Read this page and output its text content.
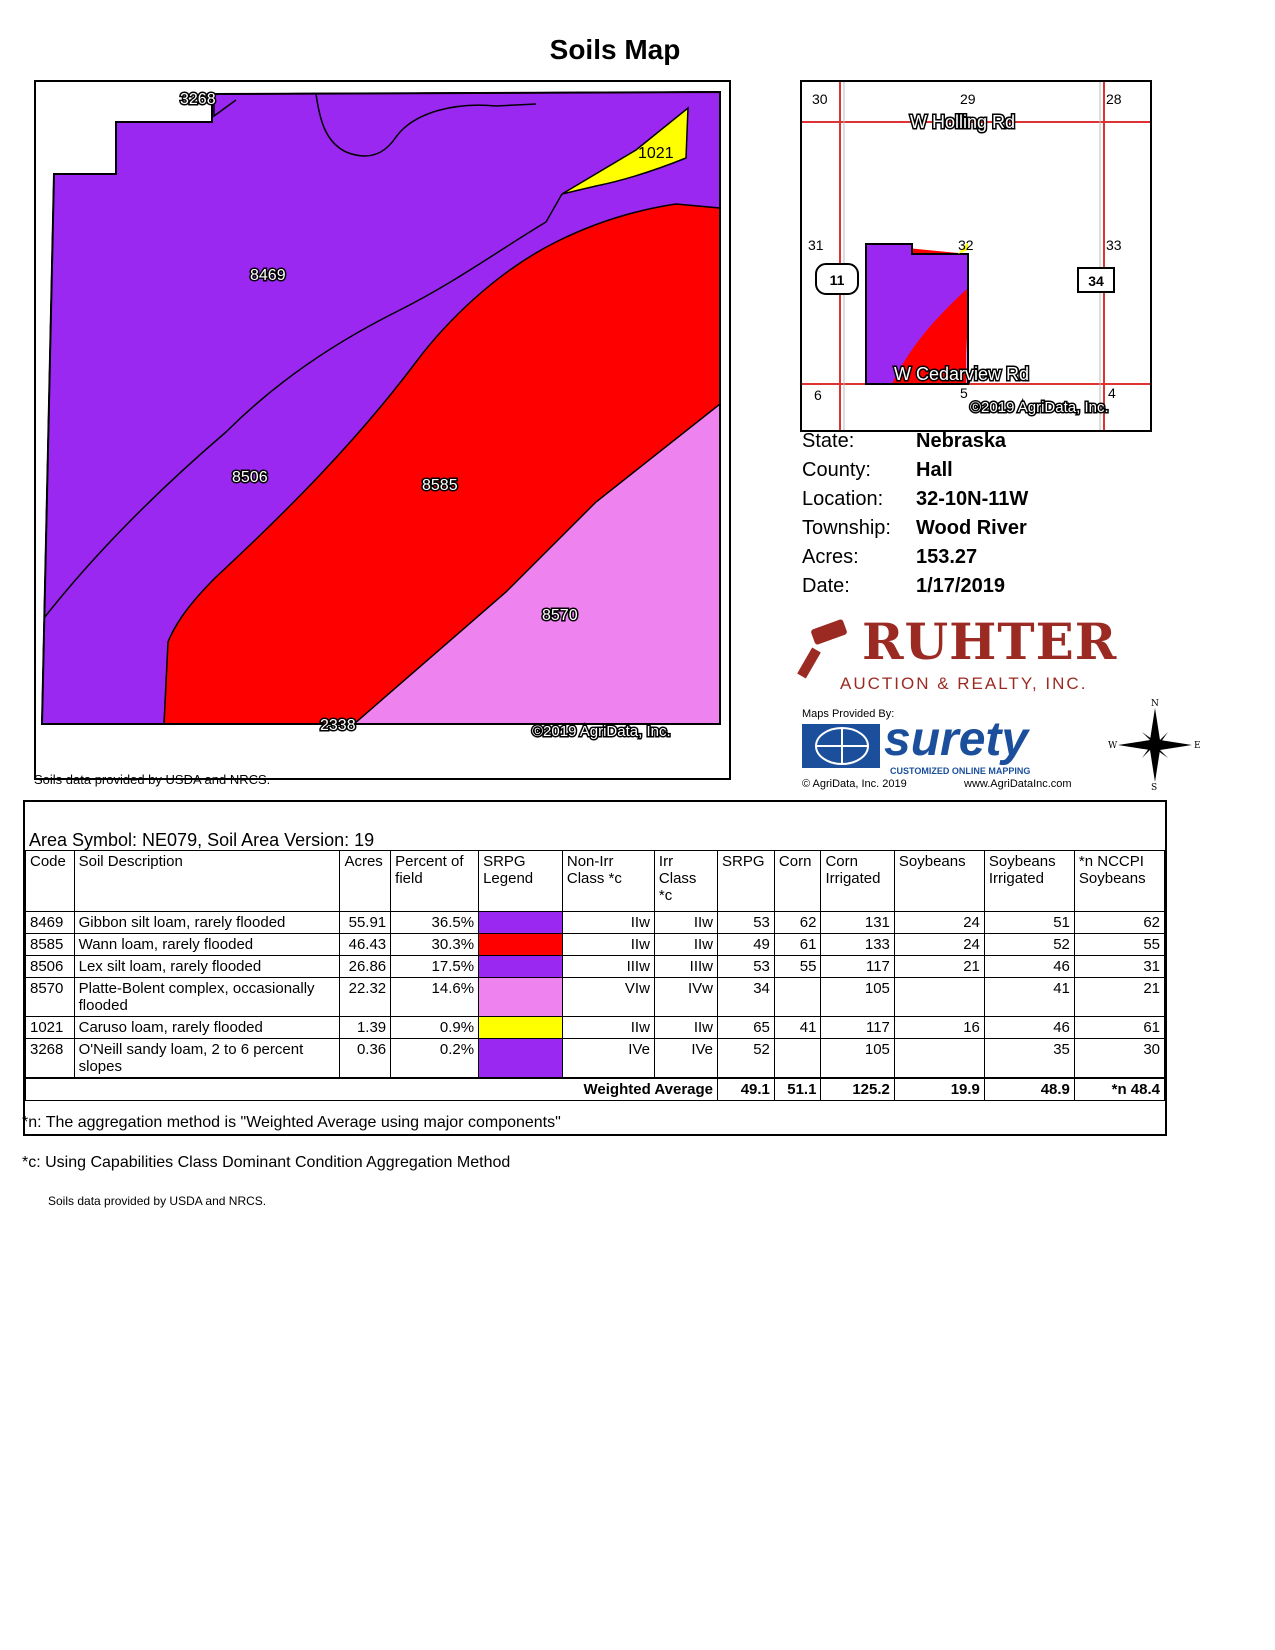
Soils Map
3268
1021
8469
8506	8585
8570
2338	©2019 AgriData, Inc.
Soils data provided by USDA and NRCS.
11	34
30	29	28
31	32	33
6	5	4
W Holling Rd
W Cedarview Rd
©2019 AgriData, Inc.
State:	Nebraska
County: Hall
Location: 32-10N-11W
Township: Wood River
Acres:	153.27
Date:	1/17/2019
RUHTER
AUCTION & REALTY, INC.
Maps Provided By:
surety
CUSTOMIZED ONLINE MAPPING
© AgriData, Inc. 2019	www.AgriDataInc.com
N
S
E
W
Area Symbol: NE079, Soil Area Version: 19
Code	Soil Description	Acres	Percent of field	SRPG Legend	Non-Irr Class *c	Irr Class *c	SRPG	Corn	Corn Irrigated	Soybeans	Soybeans Irrigated	*n NCCPI Soybeans
8469	Gibbon silt loam, rarely flooded	55.91	36.5%		IIw	IIw	53	62	131	24	51	62
8585	Wann loam, rarely flooded	46.43	30.3%		IIw	IIw	49	61	133	24	52	55
8506	Lex silt loam, rarely flooded	26.86	17.5%		IIIw	IIIw	53	55	117	21	46	31
8570	Platte-Bolent complex, occasionally flooded	22.32	14.6%		VIw	IVw	34		105		41	21
1021	Caruso loam, rarely flooded	1.39	0.9%		IIw	IIw	65	41	117	16	46	61
3268	O'Neill sandy loam, 2 to 6 percent slopes	0.36	0.2%		IVe	IVe	52		105		35	30
Weighted Average							49.1	51.1	125.2	19.9	48.9	*n 48.4
*n: The aggregation method is "Weighted Average using major components"
*c: Using Capabilities Class Dominant Condition Aggregation Method
Soils data provided by USDA and NRCS.
